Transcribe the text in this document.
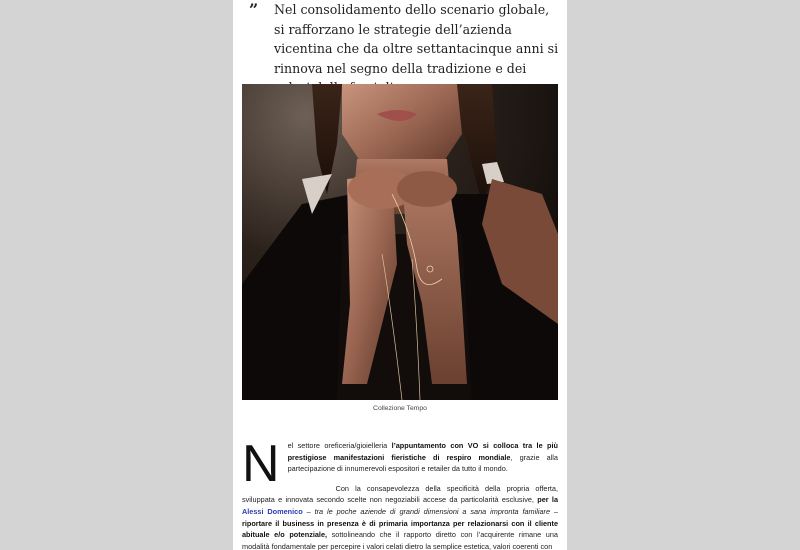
” Nel consolidamento dello scenario globale, si rafforzano le strategie dell’azienda vicentina che da oltre settantacinque anni si rinnova nel segno della tradizione e dei

Collezione Tempo

N el settore oreficeria/gioielleria l’appuntamento con VO si colloca tra le più prestigiose manifestazioni fieristiche di respiro mondiale, grazie alla partecipazione di innumerevoli espositori e retailer da tutto il mondo.

Con la consapevolezza della specificità della propria offerta, sviluppata e innovata secondo scelte non negoziabili accese da particolarità esclusive, per la Alessi Domenico – tra le poche aziende di grandi dimensioni a sana impronta familiare – riportare il business in presenza è di primaria importanza per relazionarsi con il cliente abituale e/o potenziale, sottolineando che il rapporto diretto con l’acquirente rimane una modalità fondamentale per percepire i valori celati dietro la semplice estetica, valori coerenti con
